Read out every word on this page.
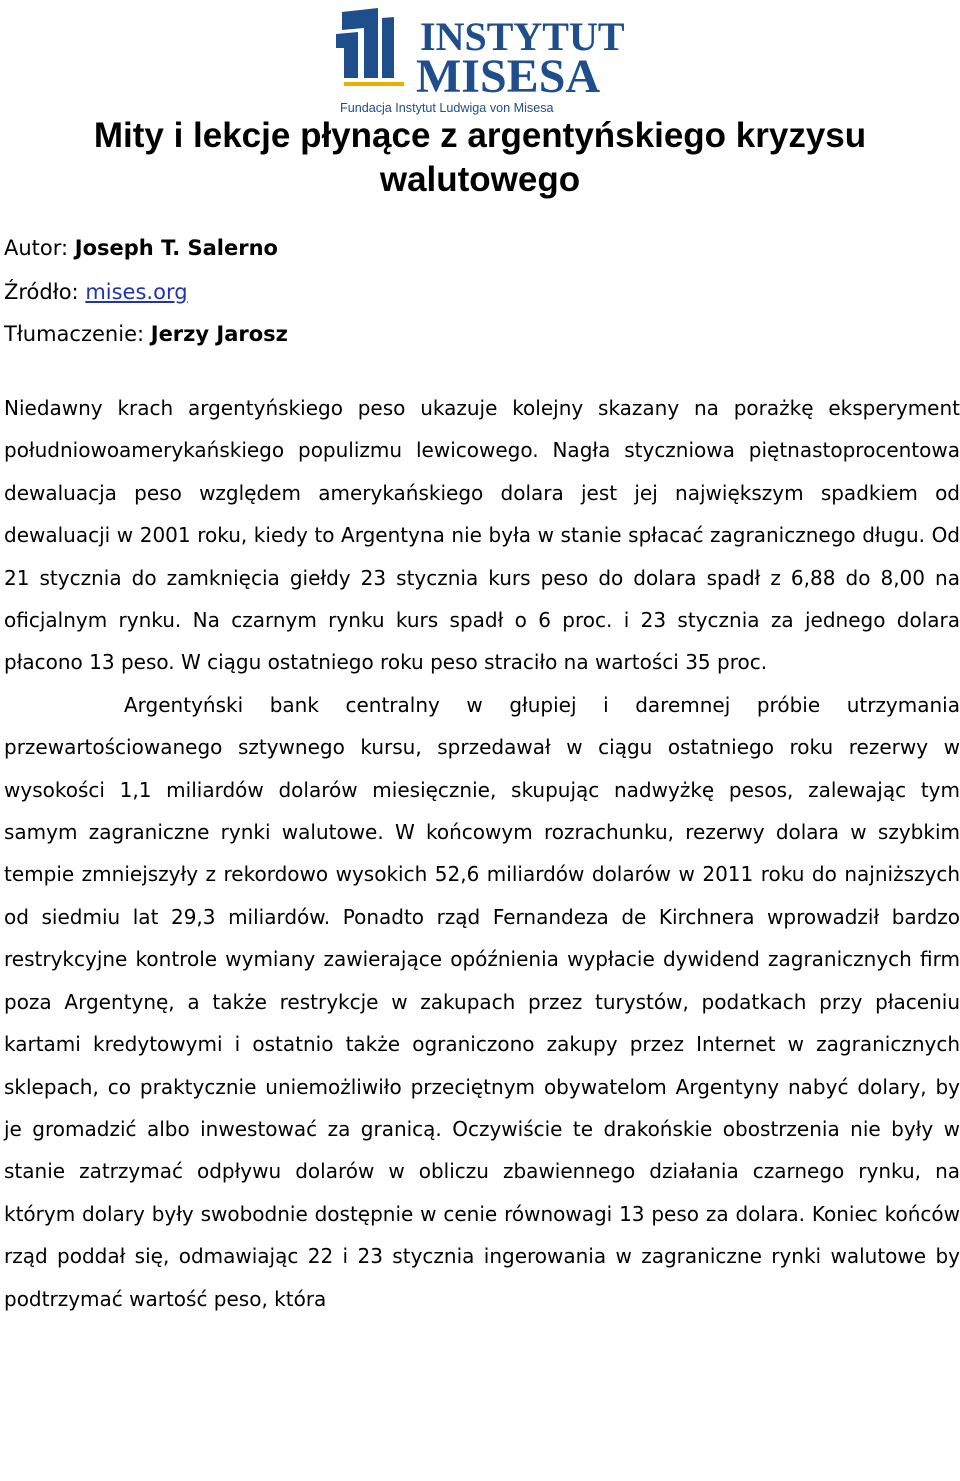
INSTYTUT
MISESA
Fundacja Instytut Ludwiga von Misesa
Mity i lekcje płynące z argentyńskiego kryzysu walutowego
Autor: Joseph T. Salerno
Źródło: mises.org
Tłumaczenie: Jerzy Jarosz

Niedawny krach argentyńskiego peso ukazuje kolejny skazany na porażkę eksperyment południowoamerykańskiego populizmu lewicowego. Nagła styczniowa piętnastoprocentowa dewaluacja peso względem amerykańskiego dolara jest jej największym spadkiem od dewaluacji w 2001 roku, kiedy to Argentyna nie była w stanie spłacać zagranicznego długu. Od 21 stycznia do zamknięcia giełdy 23 stycznia kurs peso do dolara spadł z 6,88 do 8,00 na oficjalnym rynku. Na czarnym rynku kurs spadł o 6 proc. i 23 stycznia za jednego dolara płacono 13 peso. W ciągu ostatniego roku peso straciło na wartości 35 proc.

Argentyński bank centralny w głupiej i daremnej próbie utrzymania przewartościowanego sztywnego kursu, sprzedawał w ciągu ostatniego roku rezerwy w wysokości 1,1 miliardów dolarów miesięcznie, skupując nadwyżkę pesos, zalewając tym samym zagraniczne rynki walutowe. W końcowym rozrachunku, rezerwy dolara w szybkim tempie zmniejszyły z rekordowo wysokich 52,6 miliardów dolarów w 2011 roku do najniższych od siedmiu lat 29,3 miliardów. Ponadto rząd Fernandeza de Kirchnera wprowadził bardzo restrykcyjne kontrole wymiany zawierające opóźnienia wypłacie dywidend zagranicznych firm poza Argentynę, a także restrykcje w zakupach przez turystów, podatkach przy płaceniu kartami kredytowymi i ostatnio także ograniczono zakupy przez Internet w zagranicznych sklepach, co praktycznie uniemożliwiło przeciętnym obywatelom Argentyny nabyć dolary, by je gromadzić albo inwestować za granicą. Oczywiście te drakońskie obostrzenia nie były w stanie zatrzymać odpływu dolarów w obliczu zbawiennego działania czarnego rynku, na którym dolary były swobodnie dostępnie w cenie równowagi 13 peso za dolara. Koniec końców rząd poddał się, odmawiając 22 i 23 stycznia ingerowania w zagraniczne rynki walutowe by podtrzymać wartość peso, która
